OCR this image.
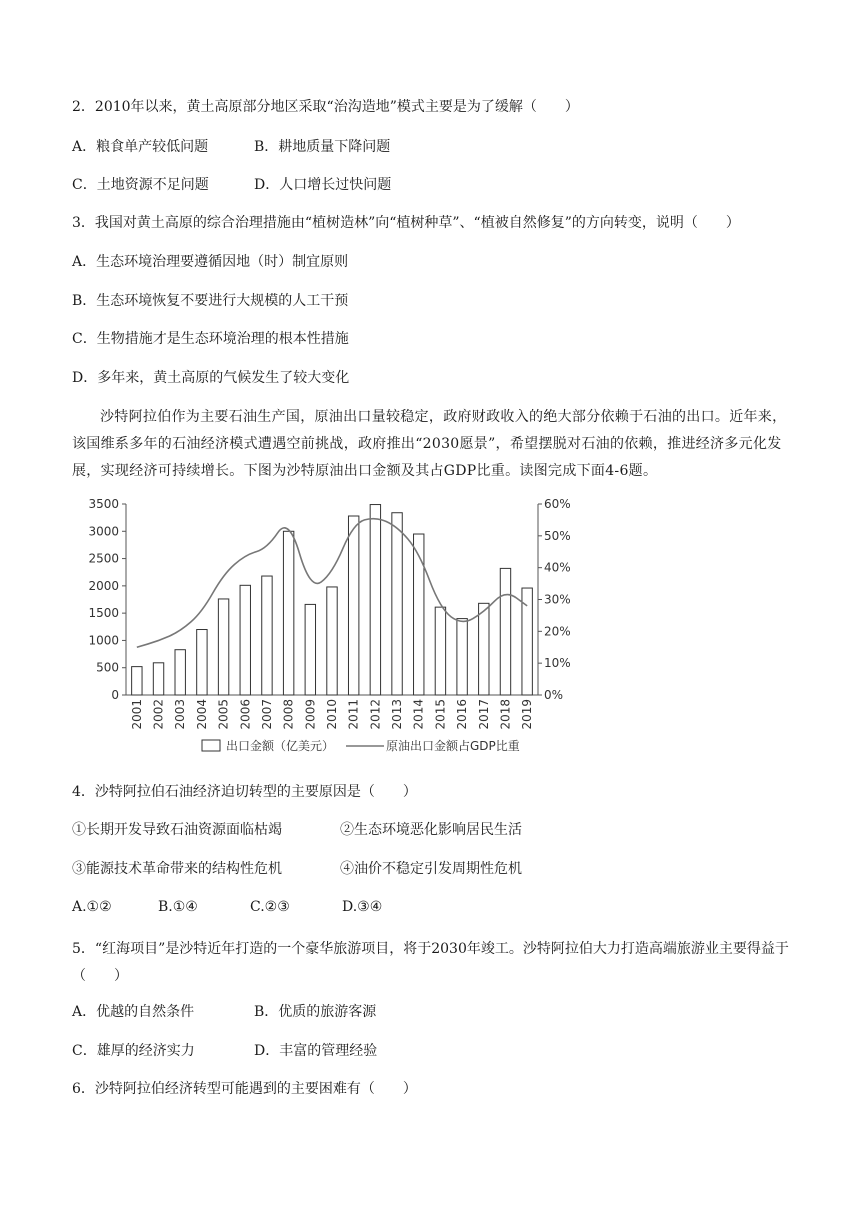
2．2010年以来，黄土高原部分地区采取“治沟造地”模式主要是为了缓解（　　）
A．粮食单产较低问题	B．耕地质量下降问题
C．土地资源不足问题	D．人口增长过快问题
3．我国对黄土高原的综合治理措施由“植树造林”向“植树种草”、“植被自然修复”的方向转变，说明（　　）
A．生态环境治理要遵循因地（时）制宜原则
B．生态环境恢复不要进行大规模的人工干预
C．生物措施才是生态环境治理的根本性措施
D．多年来，黄土高原的气候发生了较大变化
沙特阿拉伯作为主要石油生产国，原油出口量较稳定，政府财政收入的绝大部分依赖于石油的出口。近年来，该国维系多年的石油经济模式遭遇空前挑战，政府推出“2030愿景”，希望摆脱对石油的依赖，推进经济多元化发展，实现经济可持续增长。下图为沙特原油出口金额及其占GDP比重。读图完成下面4-6题。
3500
3000
2500
2000
1500
1000
500
0
60%
50%
40%
30%
20%
10%
0%
2001 2002 2003 2004 2005 2006 2007 2008 2009 2010 2011 2012 2013 2014 2015 2016 2017 2018 2019
出口金额（亿美元）	原油出口金额占GDP比重
4．沙特阿拉伯石油经济迫切转型的主要原因是（　　）
①长期开发导致石油资源面临枯竭	②生态环境恶化影响居民生活
③能源技术革命带来的结构性危机	④油价不稳定引发周期性危机
A.①②	B.①④	C.②③	D.③④
5．“红海项目”是沙特近年打造的一个豪华旅游项目，将于2030年竣工。沙特阿拉伯大力打造高端旅游业主要得益于（　　）
A．优越的自然条件	B．优质的旅游客源
C．雄厚的经济实力	D．丰富的管理经验
6．沙特阿拉伯经济转型可能遇到的主要困难有（　　）
